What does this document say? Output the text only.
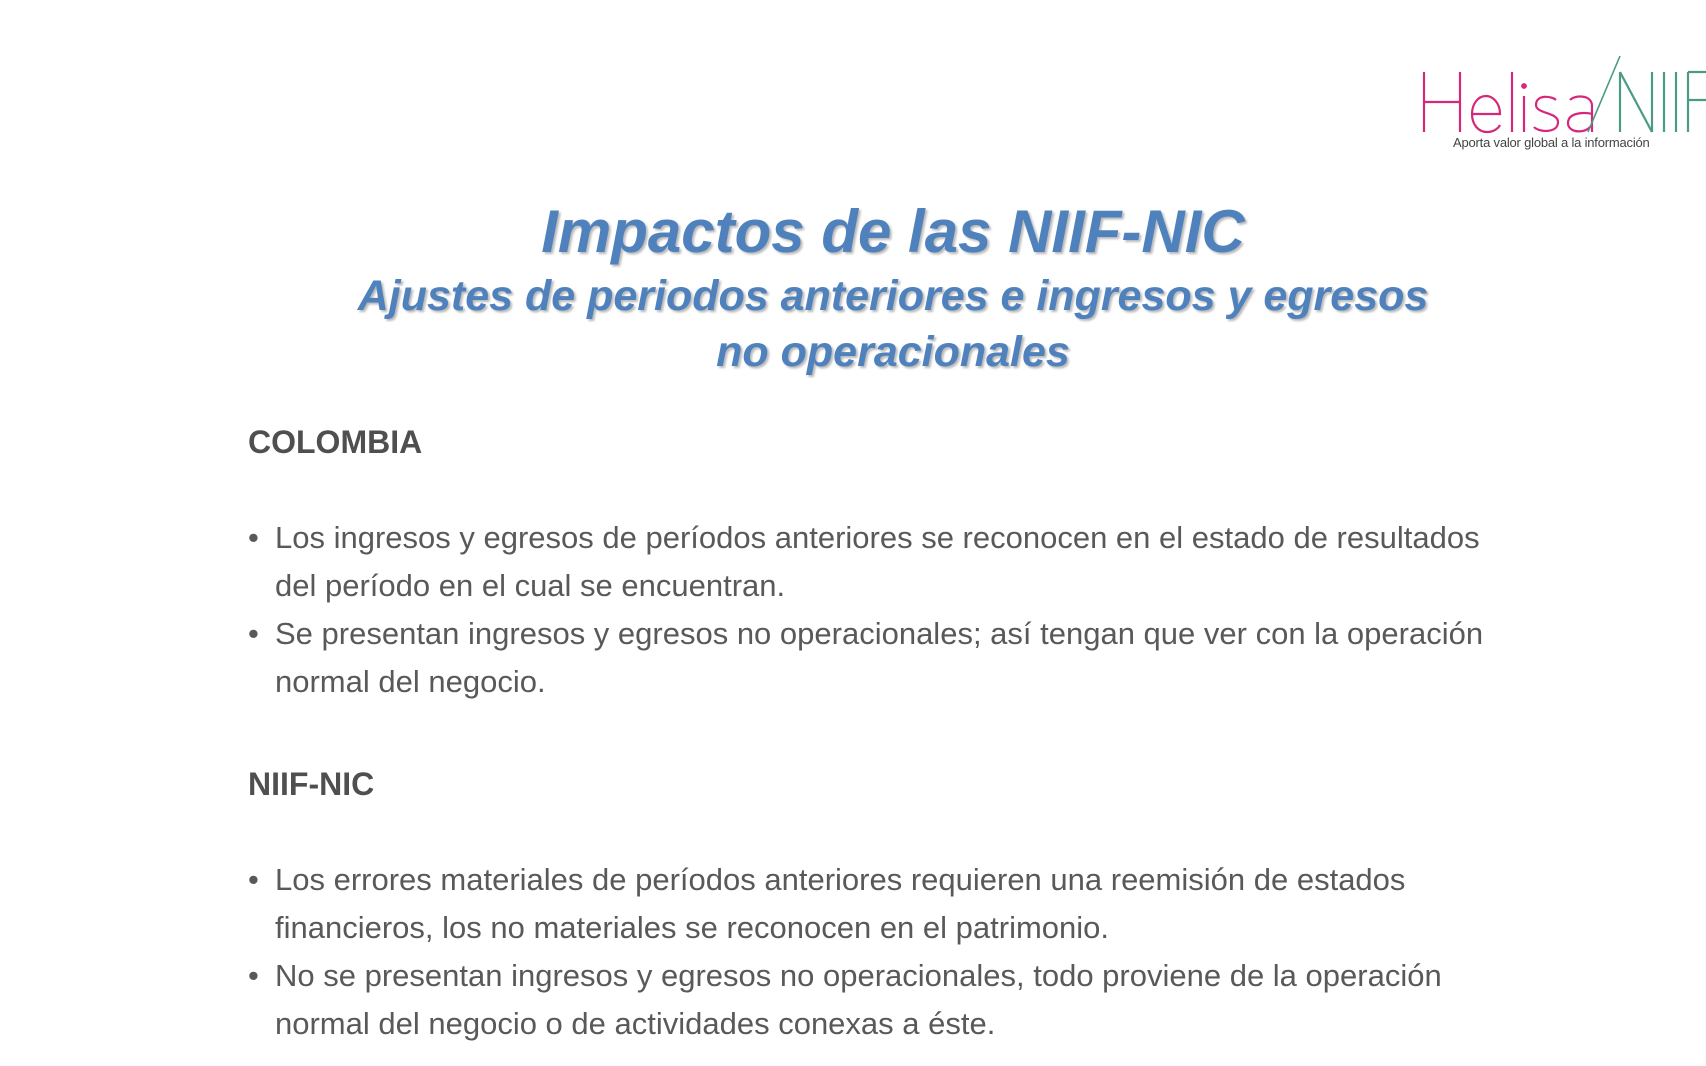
Aporta valor global a la información
Impactos de las NIIF-NIC
Ajustes de periodos anteriores e ingresos y egresos
no operacionales
COLOMBIA
• Los ingresos y egresos de períodos anteriores se reconocen en el estado de resultados del período en el cual se encuentran.
• Se presentan ingresos y egresos no operacionales; así tengan que ver con la operación normal del negocio.
NIIF-NIC
• Los errores materiales de períodos anteriores requieren una reemisión de estados financieros, los no materiales se reconocen en el patrimonio.
• No se presentan ingresos y egresos no operacionales, todo proviene de la operación normal del negocio o de actividades conexas a éste.
